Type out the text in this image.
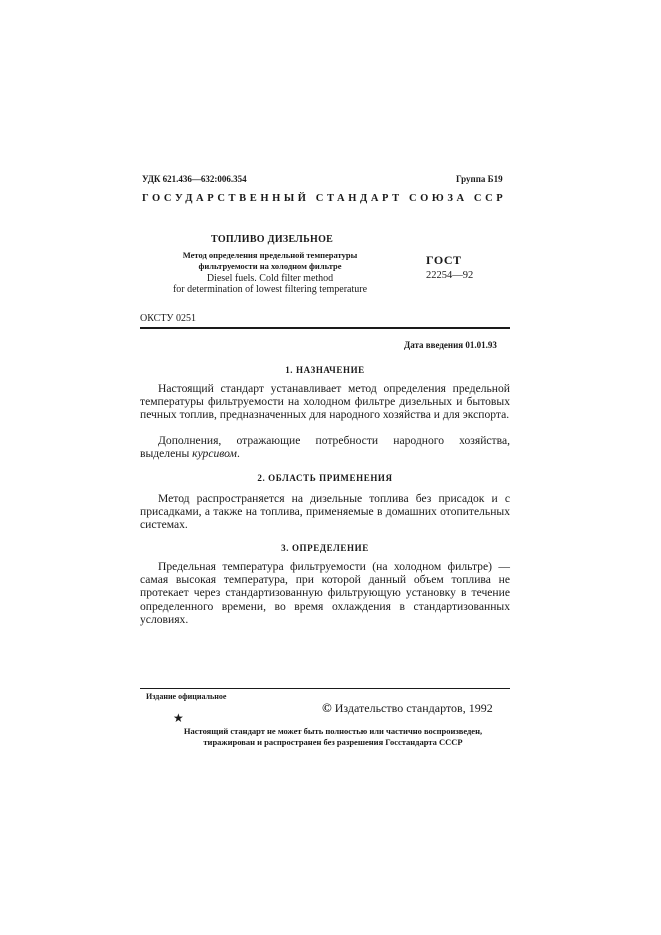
УДК 621.436—632:006.354	Группа Б19
ГОСУДАРСТВЕННЫЙ СТАНДАРТ СОЮЗА ССР
ТОПЛИВО ДИЗЕЛЬНОЕ
Метод определения предельной температуры
фильтруемости на холодном фильтре
Diesel fuels. Cold filter method
for determination of lowest filtering temperature
ГОСТ
22254—92
ОКСТУ 0251
Дата введения 01.01.93
1. НАЗНАЧЕНИЕ
Настоящий стандарт устанавливает метод определения предельной температуры фильтруемости на холодном фильтре дизельных и бытовых печных топлив, предназначенных для народного хозяйства и для экспорта.
Дополнения, отражающие потребности народного хозяйства, выделены курсивом.
2. ОБЛАСТЬ ПРИМЕНЕНИЯ
Метод распространяется на дизельные топлива без присадок и с присадками, а также на топлива, применяемые в домашних отопительных системах.
3. ОПРЕДЕЛЕНИЕ
Предельная температура фильтруемости (на холодном фильтре) — самая высокая температура, при которой данный объем топлива не протекает через стандартизованную фильтрующую установку в течение определенного времени, во время охлаждения в стандартизованных условиях.
Издание официальное
★
© Издательство стандартов, 1992
Настоящий стандарт не может быть полностью или частично воспроизведен,
тиражирован и распространен без разрешения Госстандарта СССР
